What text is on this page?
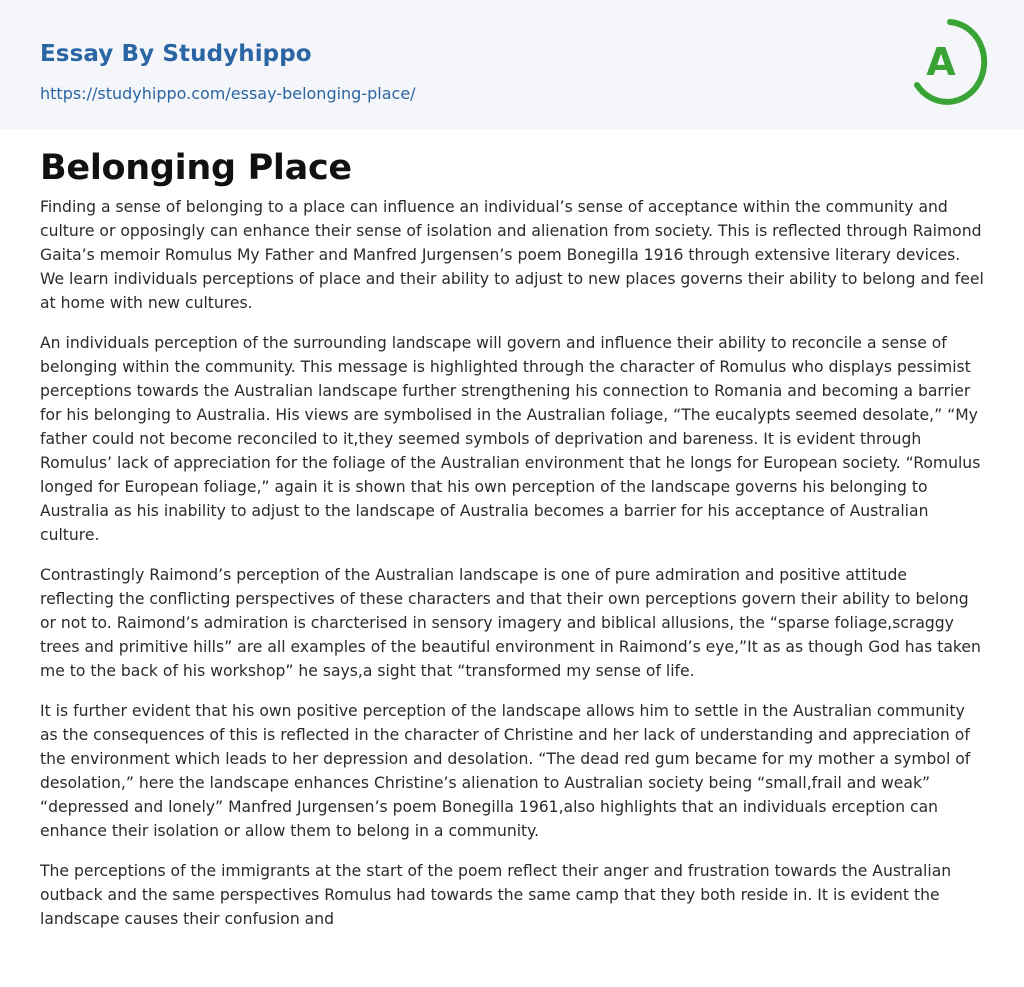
Essay By Studyhippo
https://studyhippo.com/essay-belonging-place/
A
Belonging Place

Finding a sense of belonging to a place can influence an individual’s sense of acceptance within the community and culture or opposingly can enhance their sense of isolation and alienation from society. This is reflected through Raimond Gaita’s memoir Romulus My Father and Manfred Jurgensen’s poem Bonegilla 1916 through extensive literary devices. We learn individuals perceptions of place and their ability to adjust to new places governs their ability to belong and feel at home with new cultures.

An individuals perception of the surrounding landscape will govern and influence their ability to reconcile a sense of belonging within the community. This message is highlighted through the character of Romulus who displays pessimist perceptions towards the Australian landscape further strengthening his connection to Romania and becoming a barrier for his belonging to Australia. His views are symbolised in the Australian foliage, “The eucalypts seemed desolate,” “My father could not become reconciled to it,they seemed symbols of deprivation and bareness. It is evident through Romulus’ lack of appreciation for the foliage of the Australian environment that he longs for European society. “Romulus longed for European foliage,” again it is shown that his own perception of the landscape governs his belonging to Australia as his inability to adjust to the landscape of Australia becomes a barrier for his acceptance of Australian culture.

Contrastingly Raimond’s perception of the Australian landscape is one of pure admiration and positive attitude reflecting the conflicting perspectives of these characters and that their own perceptions govern their ability to belong or not to. Raimond’s admiration is charcterised in sensory imagery and biblical allusions, the “sparse foliage,scraggy trees and primitive hills” are all examples of the beautiful environment in Raimond’s eye,”It as as though God has taken me to the back of his workshop” he says,a sight that “transformed my sense of life.

It is further evident that his own positive perception of the landscape allows him to settle in the Australian community as the consequences of this is reflected in the character of Christine and her lack of understanding and appreciation of the environment which leads to her depression and desolation. “The dead red gum became for my mother a symbol of desolation,” here the landscape enhances Christine’s alienation to Australian society being “small,frail and weak” “depressed and lonely” Manfred Jurgensen’s poem Bonegilla 1961,also highlights that an individuals erception can enhance their isolation or allow them to belong in a community.

The perceptions of the immigrants at the start of the poem reflect their anger and frustration towards the Australian outback and the same perspectives Romulus had towards the same camp that they both reside in. It is evident the landscape causes their confusion and
